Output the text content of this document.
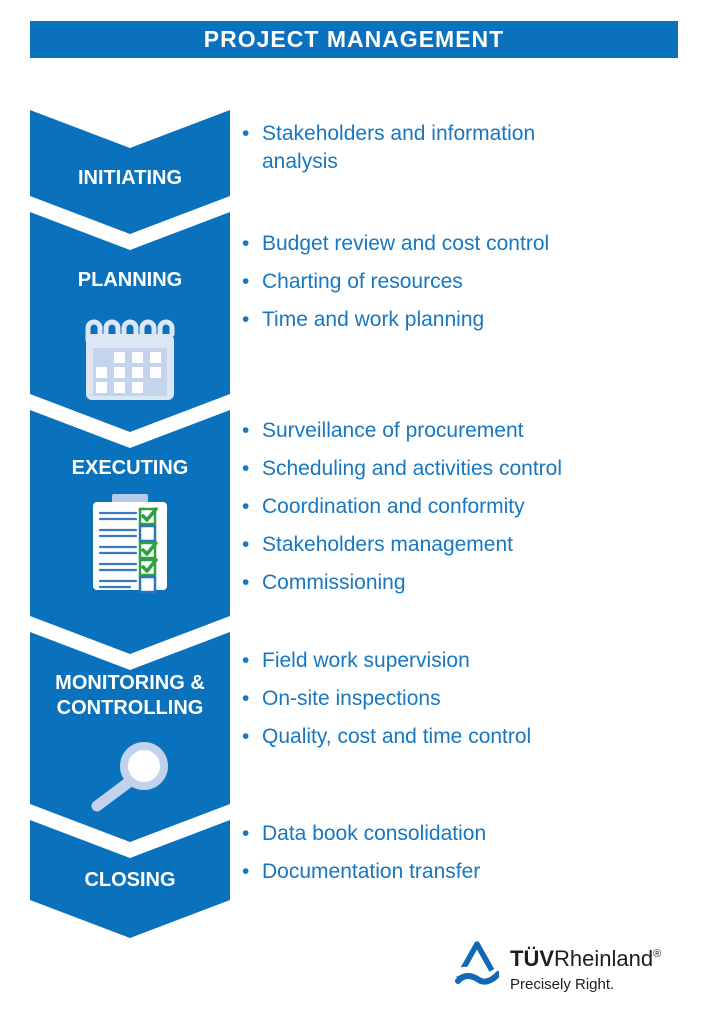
PROJECT MANAGEMENT
INITIATING
PLANNING
EXECUTING
MONITORING & CONTROLLING
CLOSING
• Stakeholders and information analysis
• Budget review and cost control
• Charting of resources
• Time and work planning
• Surveillance of procurement
• Scheduling and activities control
• Coordination and conformity
• Stakeholders management
• Commissioning
• Field work supervision
• On-site inspections
• Quality, cost and time control
• Data book consolidation
• Documentation transfer
TÜVRheinland®
Precisely Right.
